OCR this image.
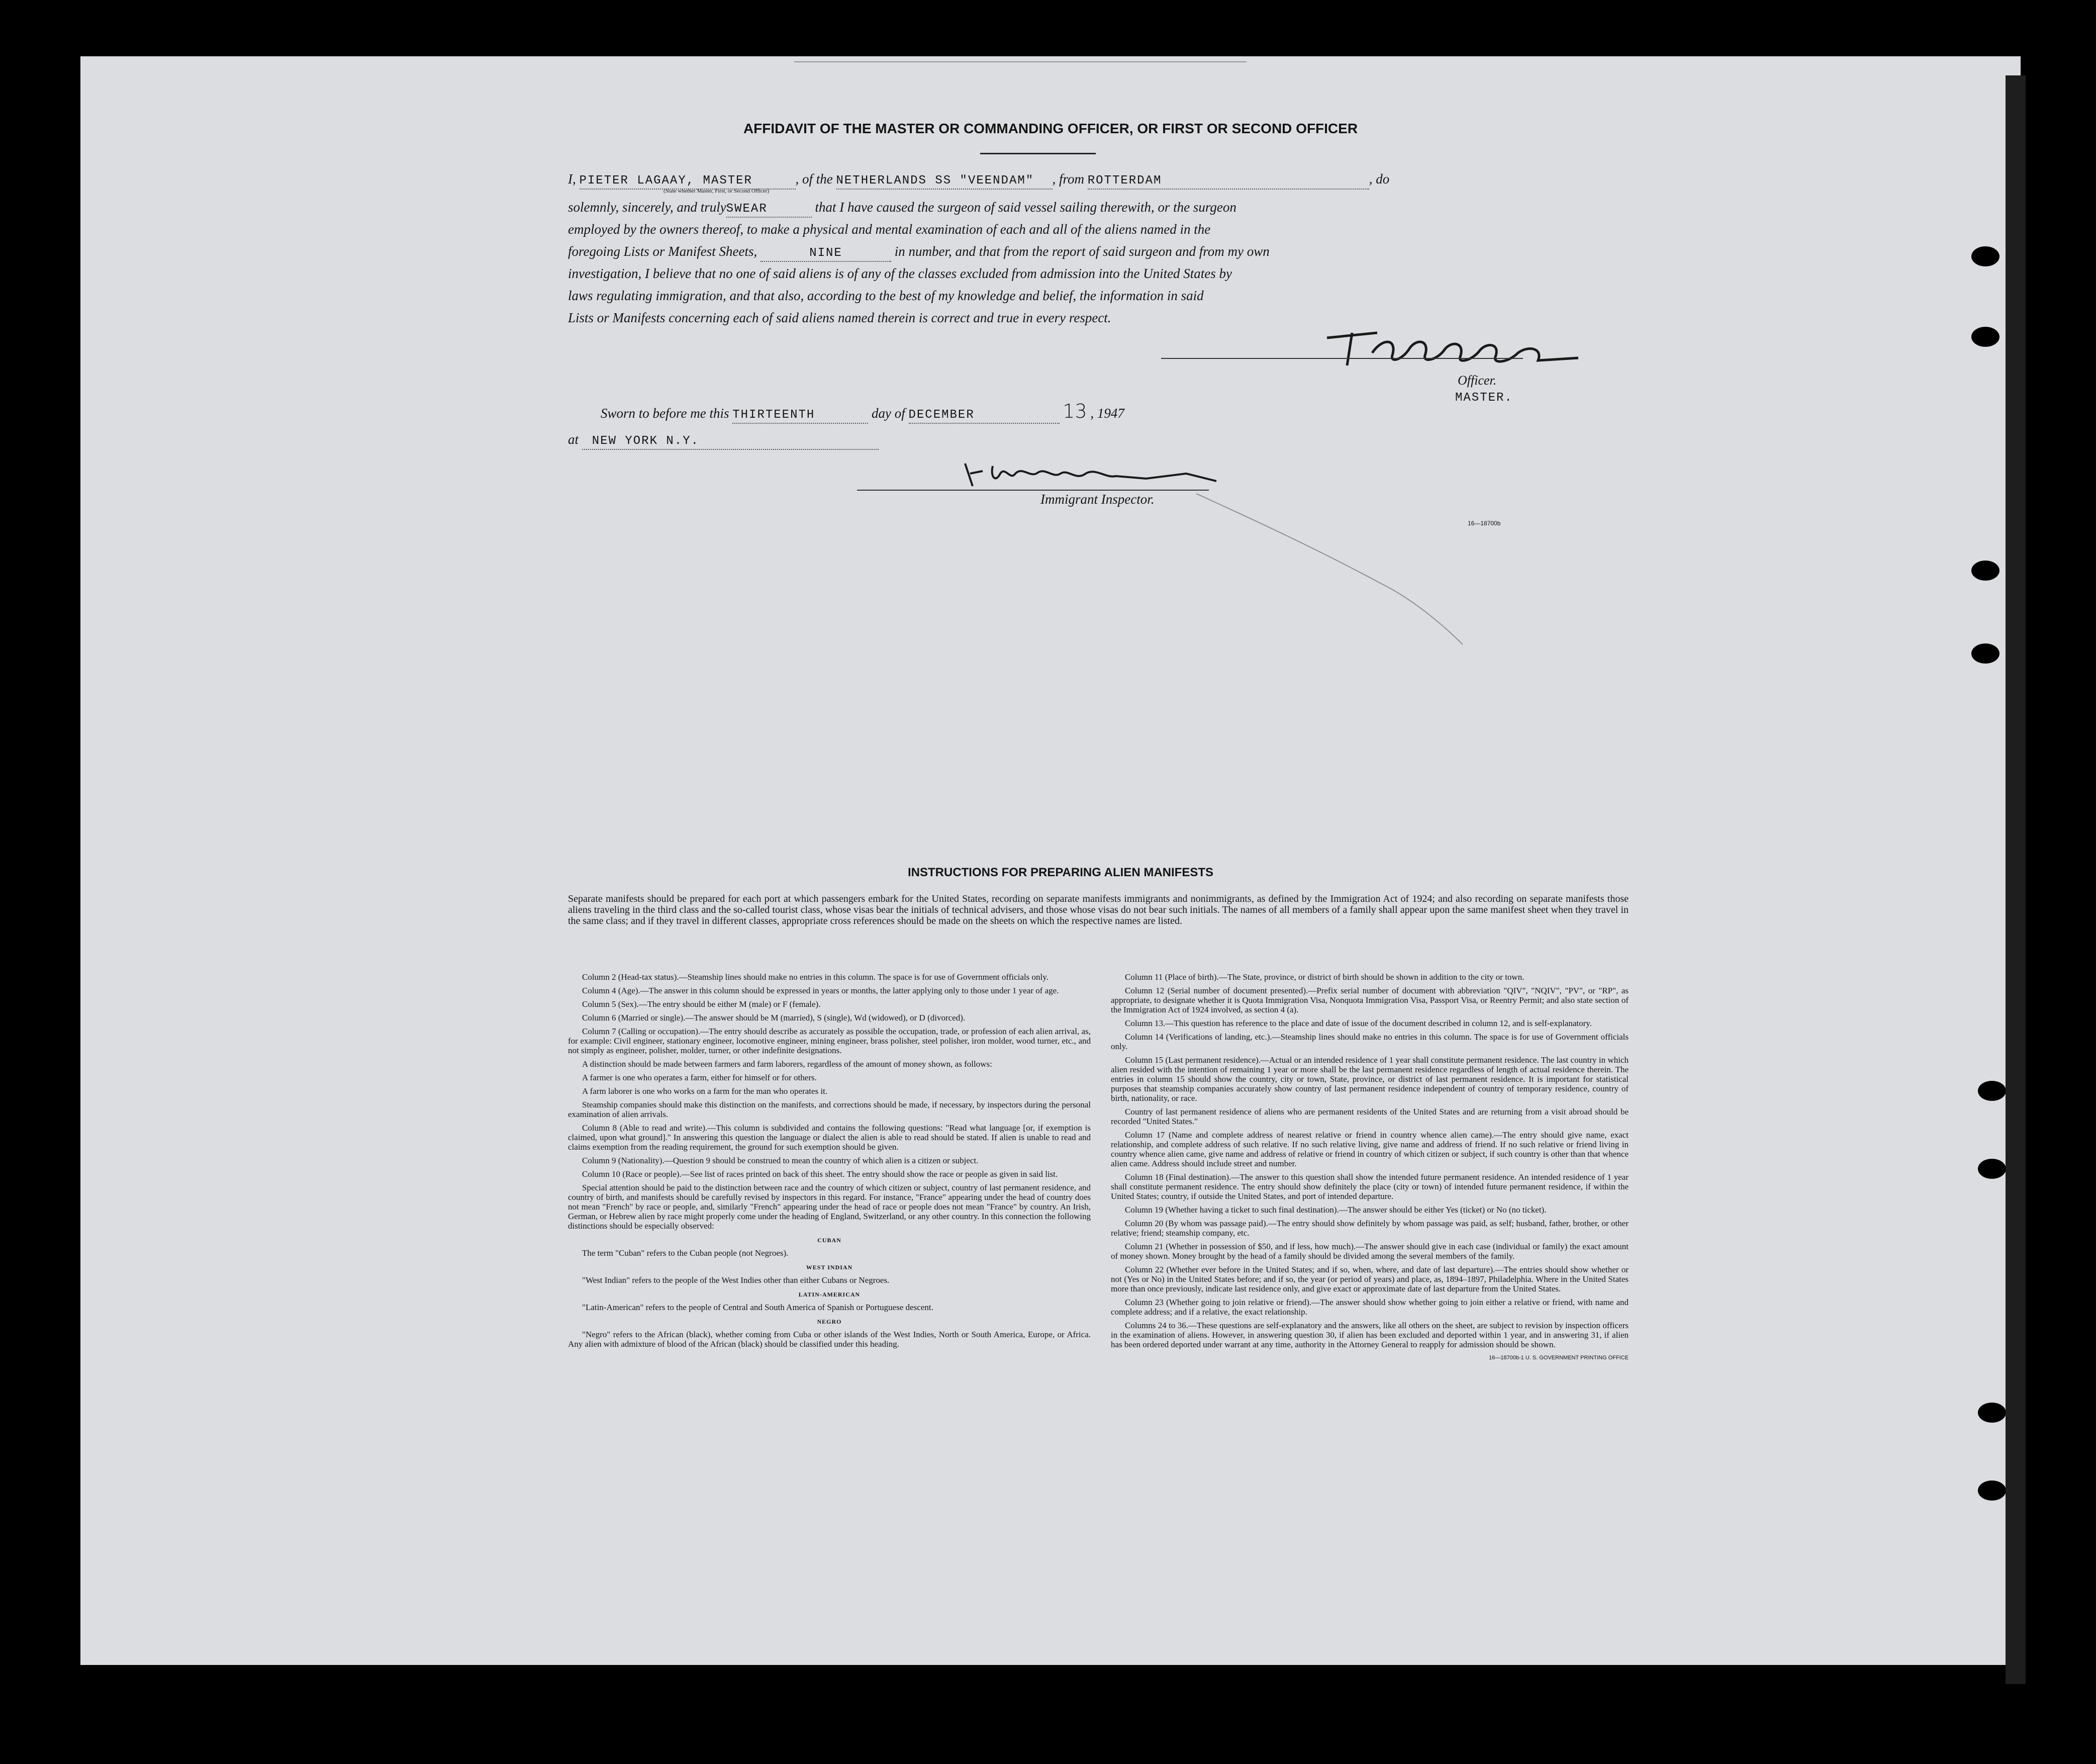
AFFIDAVIT OF THE MASTER OR COMMANDING OFFICER, OR FIRST OR SECOND OFFICER
I, PIETER LAGAAY, MASTER	, of the NETHERLANDS SS "VEENDAM" , from ROTTERDAM	, do
(State whether Master, First, or Second Officer)
solemnly, sincerely, and trulySWEAR	that I have caused the surgeon of said vessel sailing therewith, or the surgeon
employed by the owners thereof, to make a physical and mental examination of each and all of the aliens named in the
foregoing Lists or Manifest Sheets,	NINE	in number, and that from the report of said surgeon and from my own
investigation, I believe that no one of said aliens is of any of the classes excluded from admission into the United States by
laws regulating immigration, and that also, according to the best of my knowledge and belief, the information in said
Lists or Manifests concerning each of said aliens named therein is correct and true in every respect.
Officer.
MASTER.
Sworn to before me this THIRTEENTH	day of DECEMBER	13 , 1947
at NEW YORK N.Y.
Immigrant Inspector.
16—18700b
INSTRUCTIONS FOR PREPARING ALIEN MANIFESTS
Separate manifests should be prepared for each port at which passengers embark for the United States, recording on separate manifests immigrants and nonimmigrants, as defined by the Immigration Act of 1924; and also recording on separate manifests those aliens traveling in the third class and the so-called tourist class, whose visas bear the initials of technical advisers, and those whose visas do not bear such initials. The names of all members of a family shall appear upon the same manifest sheet when they travel in the same class; and if they travel in different classes, appropriate cross references should be made on the sheets on which the respective names are listed.

Column 2 (Head-tax status).—Steamship lines should make no entries in this column. The space is for use of Government officials only.

Column 4 (Age).—The answer in this column should be expressed in years or months, the latter applying only to those under 1 year of age.

Column 5 (Sex).—The entry should be either M (male) or F (female).

Column 6 (Married or single).—The answer should be M (married), S (single), Wd (widowed), or D (divorced).

Column 7 (Calling or occupation).—The entry should describe as accurately as possible the occupation, trade, or profession of each alien arrival, as, for example: Civil engineer, stationary engineer, locomotive engineer, mining engineer, brass polisher, steel polisher, iron molder, wood turner, etc., and not simply as engineer, polisher, molder, turner, or other indefinite designations.

A distinction should be made between farmers and farm laborers, regardless of the amount of money shown, as follows:

A farmer is one who operates a farm, either for himself or for others.

A farm laborer is one who works on a farm for the man who operates it.

Steamship companies should make this distinction on the manifests, and corrections should be made, if necessary, by inspectors during the personal examination of alien arrivals.

Column 8 (Able to read and write).—This column is subdivided and contains the following questions: "Read what language [or, if exemption is claimed, upon what ground]." In answering this question the language or dialect the alien is able to read should be stated. If alien is unable to read and claims exemption from the reading requirement, the ground for such exemption should be given.

Column 9 (Nationality).—Question 9 should be construed to mean the country of which alien is a citizen or subject.

Column 10 (Race or people).—See list of races printed on back of this sheet. The entry should show the race or people as given in said list.

Special attention should be paid to the distinction between race and the country of which citizen or subject, country of last permanent residence, and country of birth, and manifests should be carefully revised by inspectors in this regard. For instance, "France" appearing under the head of country does not mean "French" by race or people, and, similarly "French" appearing under the head of race or people does not mean "France" by country. An Irish, German, or Hebrew alien by race might properly come under the heading of England, Switzerland, or any other country. In this connection the following distinctions should be especially observed:

CUBAN

The term "Cuban" refers to the Cuban people (not Negroes).

WEST INDIAN

"West Indian" refers to the people of the West Indies other than either Cubans or Negroes.

LATIN-AMERICAN

"Latin-American" refers to the people of Central and South America of Spanish or Portuguese descent.

NEGRO

"Negro" refers to the African (black), whether coming from Cuba or other islands of the West Indies, North or South America, Europe, or Africa. Any alien with admixture of blood of the African (black) should be classified under this heading.

Column 11 (Place of birth).—The State, province, or district of birth should be shown in addition to the city or town.

Column 12 (Serial number of document presented).—Prefix serial number of document with abbreviation "QIV", "NQIV", "PV", or "RP", as appropriate, to designate whether it is Quota Immigration Visa, Nonquota Immigration Visa, Passport Visa, or Reentry Permit; and also state section of the Immigration Act of 1924 involved, as section 4 (a).

Column 13.—This question has reference to the place and date of issue of the document described in column 12, and is self-explanatory.

Column 14 (Verifications of landing, etc.).—Steamship lines should make no entries in this column. The space is for use of Government officials only.

Column 15 (Last permanent residence).—Actual or an intended residence of 1 year shall constitute permanent residence. The last country in which alien resided with the intention of remaining 1 year or more shall be the last permanent residence regardless of length of actual residence therein. The entries in column 15 should show the country, city or town, State, province, or district of last permanent residence. It is important for statistical purposes that steamship companies accurately show country of last permanent residence independent of country of temporary residence, country of birth, nationality, or race.

Country of last permanent residence of aliens who are permanent residents of the United States and are returning from a visit abroad should be recorded "United States."

Column 17 (Name and complete address of nearest relative or friend in country whence alien came).—The entry should give name, exact relationship, and complete address of such relative. If no such relative living, give name and address of friend. If no such relative or friend living in country whence alien came, give name and address of relative or friend in country of which citizen or subject, if such country is other than that whence alien came. Address should include street and number.

Column 18 (Final destination).—The answer to this question shall show the intended future permanent residence. An intended residence of 1 year shall constitute permanent residence. The entry should show definitely the place (city or town) of intended future permanent residence, if within the United States; country, if outside the United States, and port of intended departure.

Column 19 (Whether having a ticket to such final destination).—The answer should be either Yes (ticket) or No (no ticket).

Column 20 (By whom was passage paid).—The entry should show definitely by whom passage was paid, as self; husband, father, brother, or other relative; friend; steamship company, etc.

Column 21 (Whether in possession of $50, and if less, how much).—The answer should give in each case (individual or family) the exact amount of money shown. Money brought by the head of a family should be divided among the several members of the family.

Column 22 (Whether ever before in the United States; and if so, when, where, and date of last departure).—The entries should show whether or not (Yes or No) in the United States before; and if so, the year (or period of years) and place, as, 1894–1897, Philadelphia. Where in the United States more than once previously, indicate last residence only, and give exact or approximate date of last departure from the United States.

Column 23 (Whether going to join relative or friend).—The answer should show whether going to join either a relative or friend, with name and complete address; and if a relative, the exact relationship.

Columns 24 to 36.—These questions are self-explanatory and the answers, like all others on the sheet, are subject to revision by inspection officers in the examination of aliens. However, in answering question 30, if alien has been excluded and deported within 1 year, and in answering 31, if alien has been ordered deported under warrant at any time, authority in the Attorney General to reapply for admission should be shown.

16—18700b-1 U. S. GOVERNMENT PRINTING OFFICE
